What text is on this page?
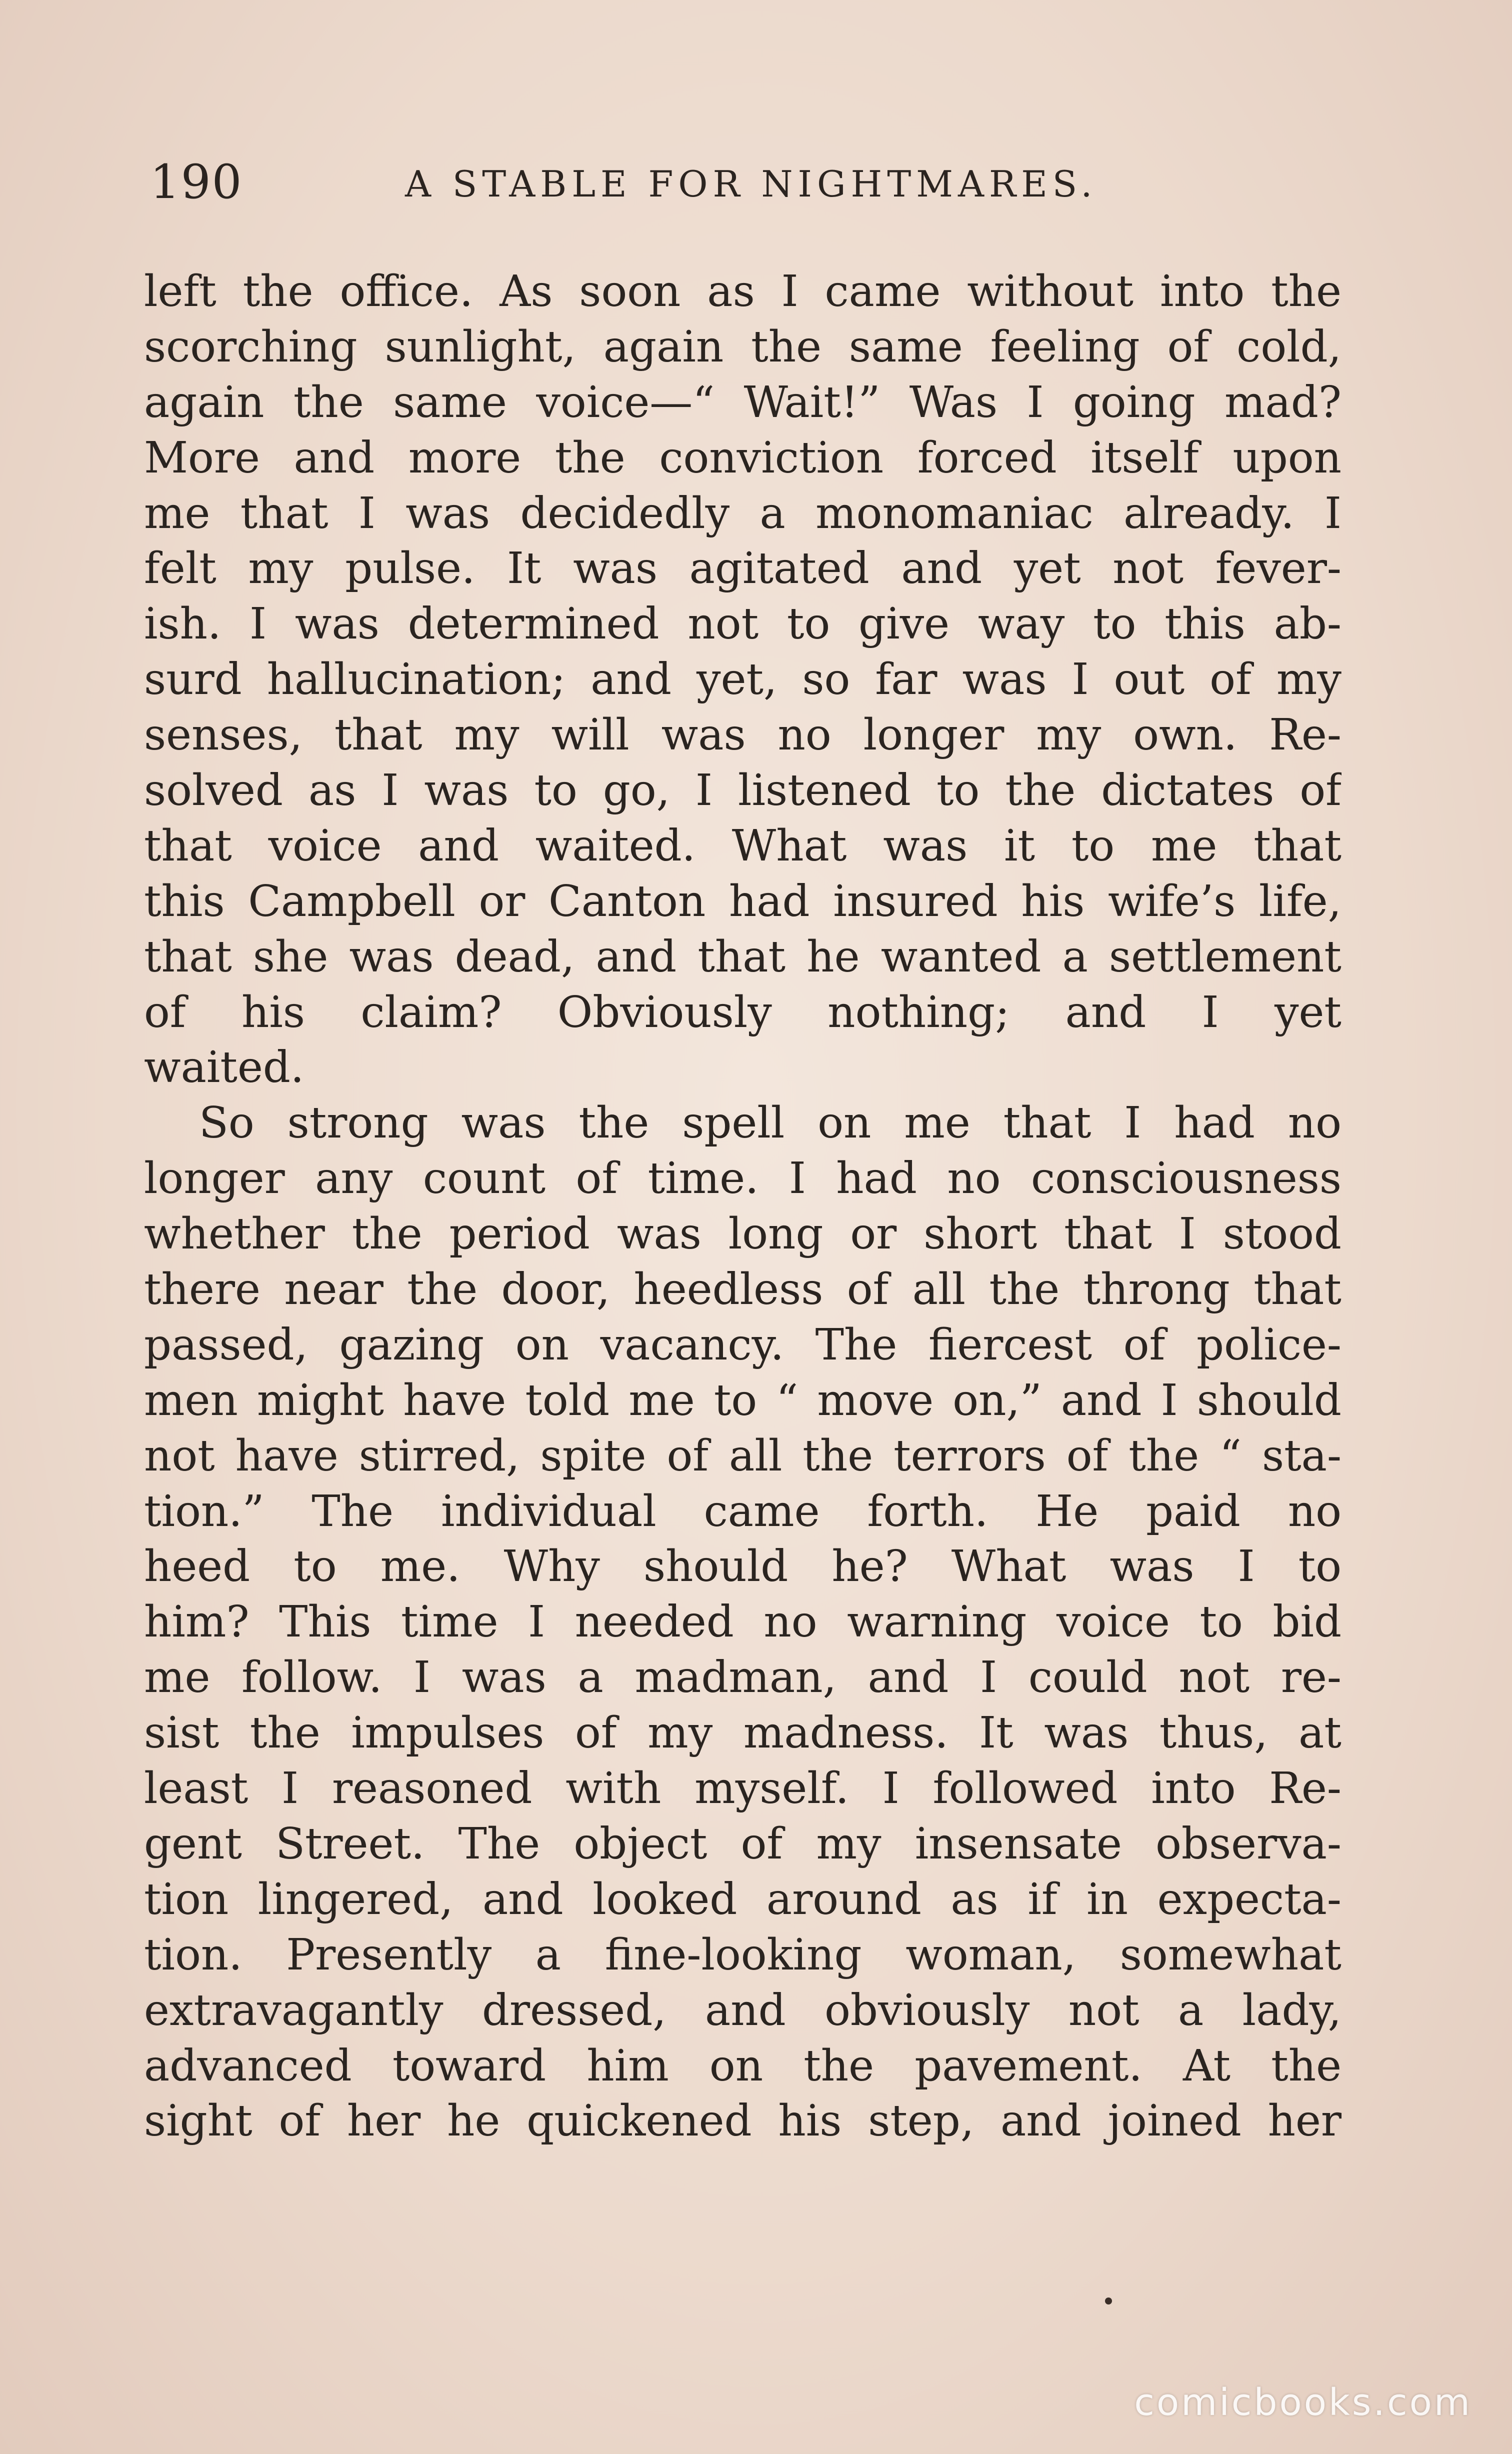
190	A STABLE FOR NIGHTMARES.
left the office. As soon as I came without into the
scorching sunlight, again the same feeling of cold,
again the same voice—“ Wait!” Was I going mad?
More and more the conviction forced itself upon
me that I was decidedly a monomaniac already. I
felt my pulse. It was agitated and yet not fever-
ish. I was determined not to give way to this ab-
surd hallucination; and yet, so far was I out of my
senses, that my will was no longer my own. Re-
solved as I was to go, I listened to the dictates of
that voice and waited. What was it to me that
this Campbell or Canton had insured his wife’s life,
that she was dead, and that he wanted a settlement
of his claim? Obviously nothing; and I yet
waited.
So strong was the spell on me that I had no
longer any count of time. I had no consciousness
whether the period was long or short that I stood
there near the door, heedless of all the throng that
passed, gazing on vacancy. The fiercest of police-
men might have told me to “ move on,” and I should
not have stirred, spite of all the terrors of the “ sta-
tion.” The individual came forth. He paid no
heed to me. Why should he? What was I to
him? This time I needed no warning voice to bid
me follow. I was a madman, and I could not re-
sist the impulses of my madness. It was thus, at
least I reasoned with myself. I followed into Re-
gent Street. The object of my insensate observa-
tion lingered, and looked around as if in expecta-
tion. Presently a fine-looking woman, somewhat
extravagantly dressed, and obviously not a lady,
advanced toward him on the pavement. At the
sight of her he quickened his step, and joined her
comicbooks.com
